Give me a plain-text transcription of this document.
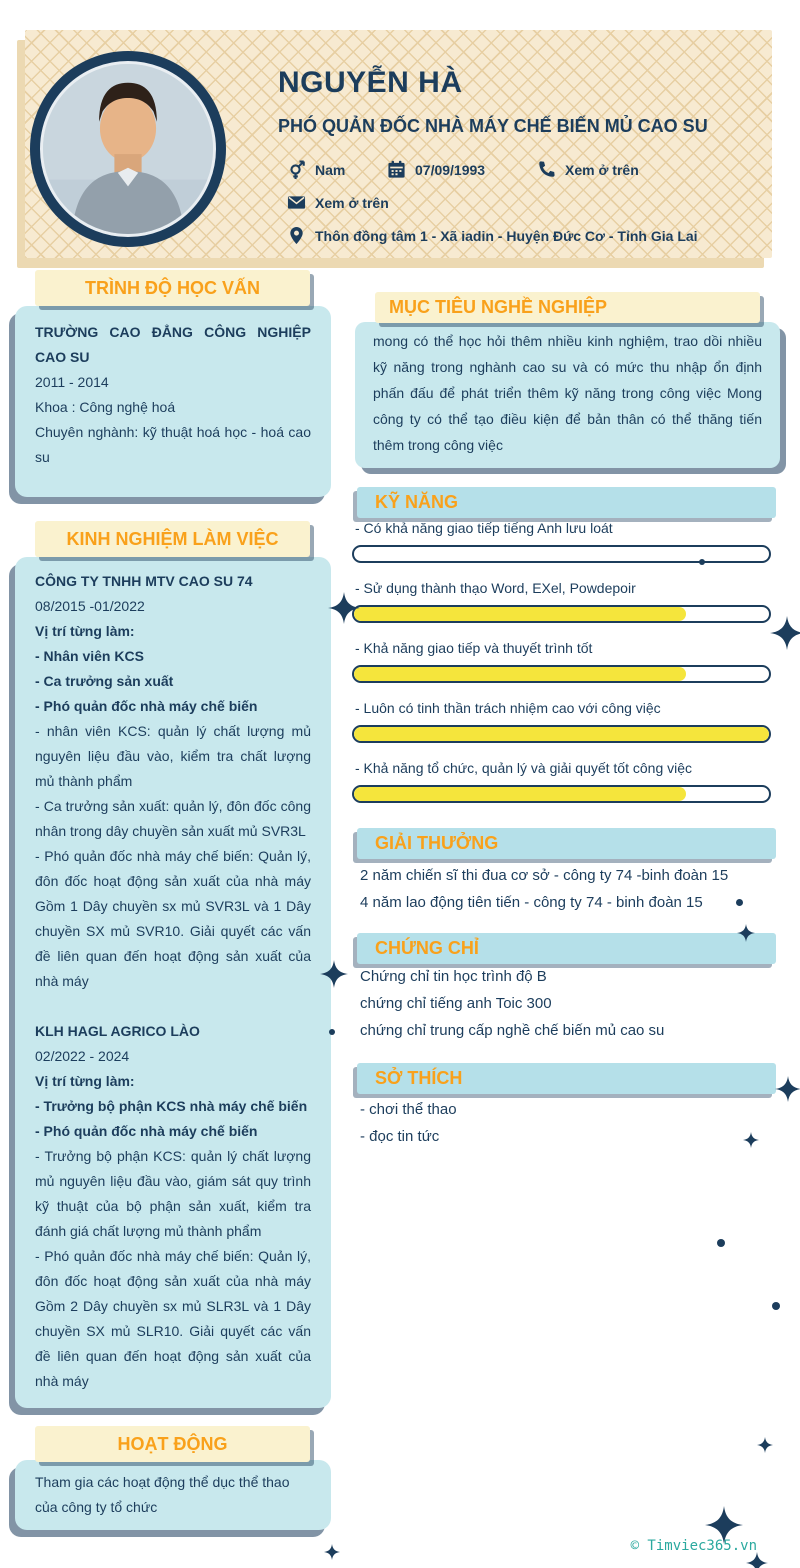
NGUYỄN HÀ
PHÓ QUẢN ĐỐC NHÀ MÁY CHẾ BIẾN MỦ CAO SU
Nam	07/09/1993	Xem ở trên
Xem ở trên
Thôn đồng tâm 1 - Xã iadin - Huyện Đức Cơ - Tỉnh Gia Lai
TRÌNH ĐỘ HỌC VẤN

TRƯỜNG CAO ĐẲNG CÔNG NGHIỆP CAO SU

2011 - 2014

Khoa : Công nghệ hoá

Chuyên nghành: kỹ thuật hoá học - hoá cao su

KINH NGHIỆM LÀM VIỆC

CÔNG TY TNHH MTV CAO SU 74

08/2015 -01/2022

Vị trí từng làm:

- Nhân viên KCS

- Ca trưởng sản xuất

- Phó quản đốc nhà máy chế biến

- nhân viên KCS: quản lý chất lượng mủ nguyên liệu đầu vào, kiểm tra chất lượng mủ thành phẩm

- Ca trưởng sản xuất: quản lý, đôn đốc công nhân trong dây chuyền sản xuất mủ SVR3L

- Phó quản đốc nhà máy chế biến: Quản lý, đôn đốc hoạt động sản xuất của nhà máy Gồm 1 Dây chuyền sx mủ SVR3L và 1 Dây chuyền SX mủ SVR10. Giải quyết các vấn đề liên quan đến hoạt động sản xuất của nhà máy

KLH HAGL AGRICO LÀO

02/2022 - 2024

Vị trí từng làm:

- Trưởng bộ phận KCS nhà máy chế biến

- Phó quản đốc nhà máy chế biến

- Trưởng bộ phận KCS: quản lý chất lượng mủ nguyên liệu đầu vào, giám sát quy trình kỹ thuật của bộ phận sản xuất, kiểm tra đánh giá chất lượng mủ thành phẩm

- Phó quản đốc nhà máy chế biến: Quản lý, đôn đốc hoạt động sản xuất của nhà máy Gồm 2 Dây chuyền sx mủ SLR3L và 1 Dây chuyền SX mủ SLR10. Giải quyết các vấn đề liên quan đến hoạt động sản xuất của nhà máy

HOẠT ĐỘNG

Tham gia các hoạt động thể dục thể thao của công ty tổ chức

MỤC TIÊU NGHỀ NGHIỆP

mong có thể học hỏi thêm nhiều kinh nghiệm, trao dồi nhiều kỹ năng trong nghành cao su và có mức thu nhập ổn định phấn đấu để phát triển thêm kỹ năng trong công việc Mong công ty có thể tạo điều kiện để bản thân có thể thăng tiến thêm trong công việc

KỸ NĂNG
- Có khả năng giao tiếp tiếng Anh lưu loát
- Sử dụng thành thạo Word, EXel, Powdepoir
- Khả năng giao tiếp và thuyết trình tốt
- Luôn có tinh thần trách nhiệm cao với công việc
- Khả năng tổ chức, quản lý và giải quyết tốt công việc
GIẢI THƯỞNG

2 năm chiến sĩ thi đua cơ sở - công ty 74 -binh đoàn 15

4 năm lao động tiên tiến - công ty 74 - binh đoàn 15

CHỨNG CHỈ

Chứng chỉ tin học trình độ B

chứng chỉ tiếng anh Toic 300

chứng chỉ trung cấp nghề chế biến mủ cao su

SỞ THÍCH

- chơi thể thao

- đọc tin tức

© Timviec365.vn
